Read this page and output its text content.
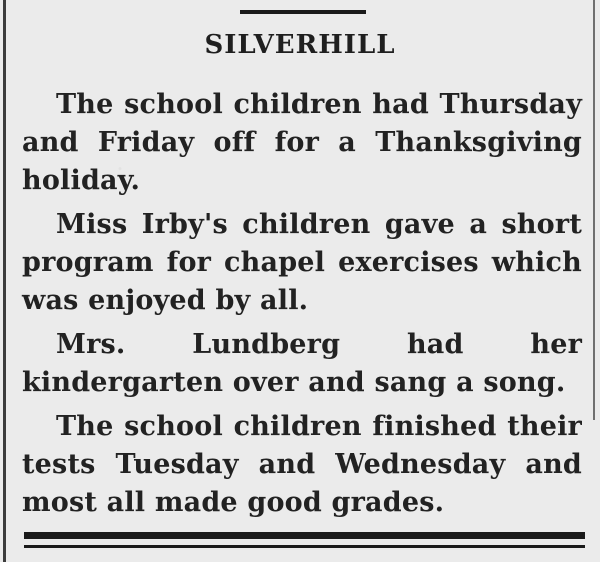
SILVERHILL

The school children had Thursday and Friday off for a Thanksgiving holiday.

Miss Irby's children gave a short program for chapel exercises which was enjoyed by all.

Mrs. Lundberg had her kindergarten over and sang a song.

The school children finished their tests Tuesday and Wednesday and most all made good grades.
